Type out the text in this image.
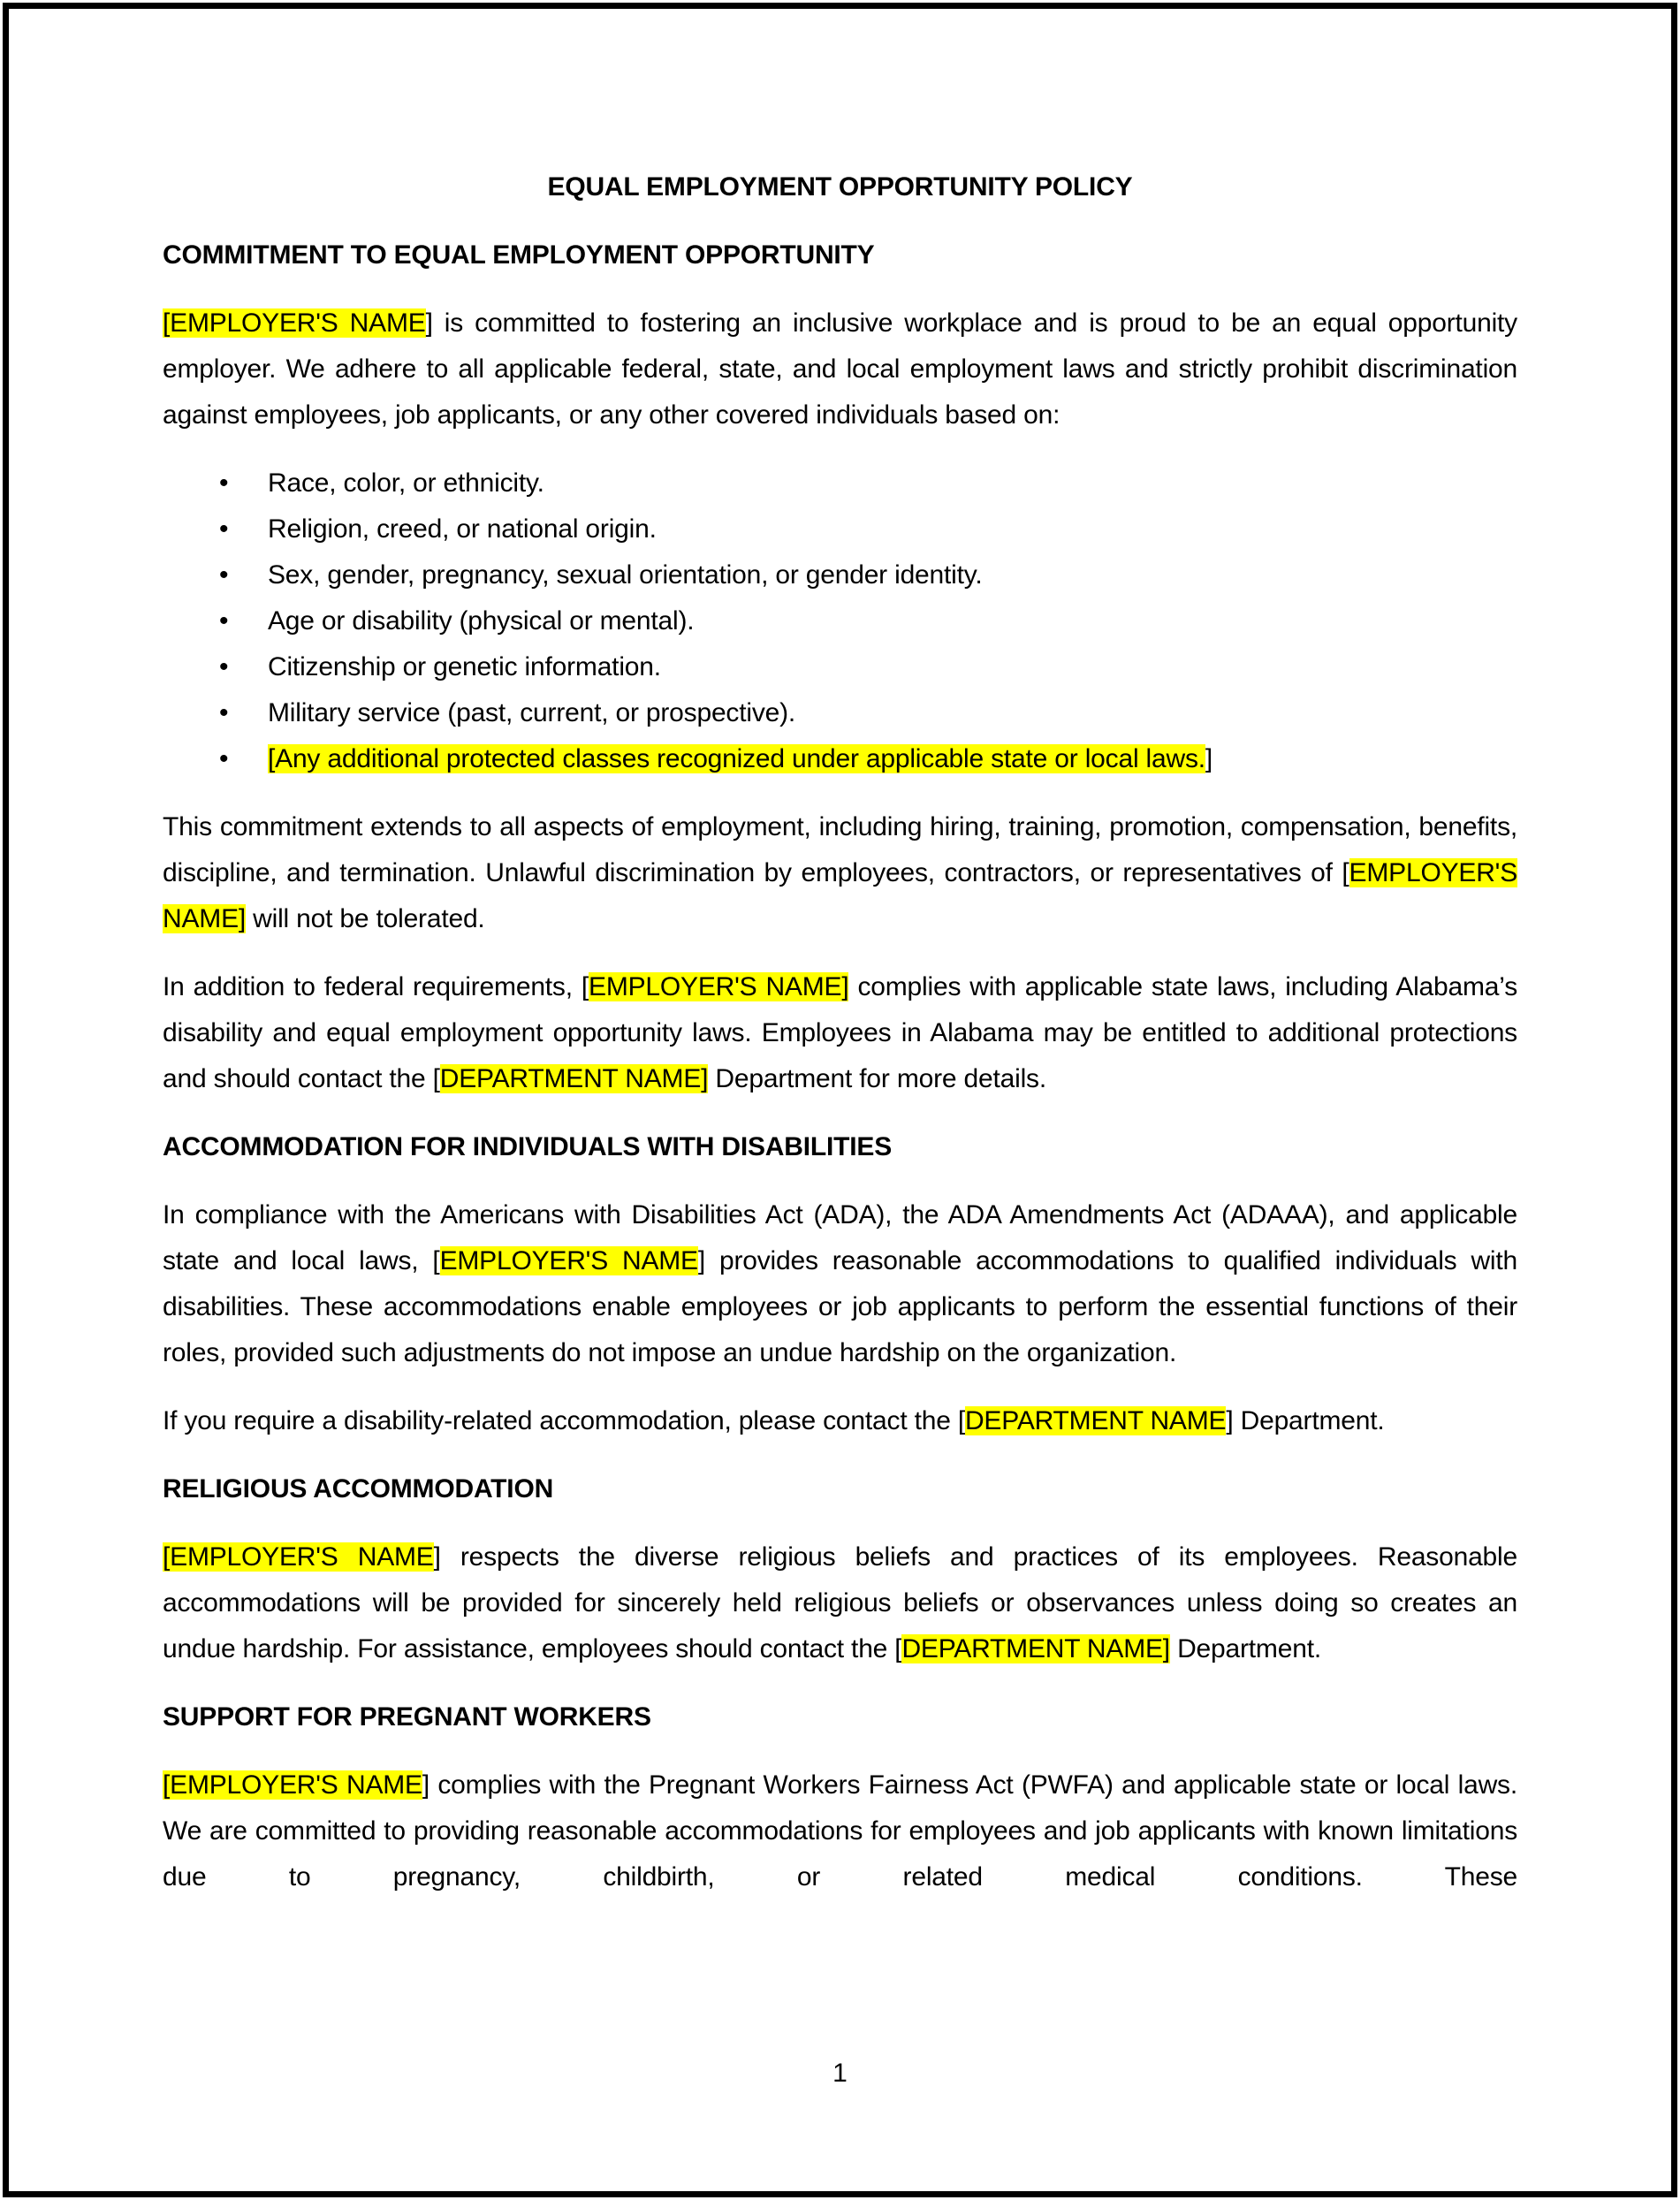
EQUAL EMPLOYMENT OPPORTUNITY POLICY

COMMITMENT TO EQUAL EMPLOYMENT OPPORTUNITY

[EMPLOYER'S NAME] is committed to fostering an inclusive workplace and is proud to be an equal opportunity employer. We adhere to all applicable federal, state, and local employment laws and strictly prohibit discrimination against employees, job applicants, or any other covered individuals based on:

• Race, color, or ethnicity.
• Religion, creed, or national origin.
• Sex, gender, pregnancy, sexual orientation, or gender identity.
• Age or disability (physical or mental).
• Citizenship or genetic information.
• Military service (past, current, or prospective).
• [Any additional protected classes recognized under applicable state or local laws.]

This commitment extends to all aspects of employment, including hiring, training, promotion, compensation, benefits, discipline, and termination. Unlawful discrimination by employees, contractors, or representatives of [EMPLOYER'S NAME] will not be tolerated.

In addition to federal requirements, [EMPLOYER'S NAME] complies with applicable state laws, including Alabama’s disability and equal employment opportunity laws. Employees in Alabama may be entitled to additional protections and should contact the [DEPARTMENT NAME] Department for more details.

ACCOMMODATION FOR INDIVIDUALS WITH DISABILITIES

In compliance with the Americans with Disabilities Act (ADA), the ADA Amendments Act (ADAAA), and applicable state and local laws, [EMPLOYER'S NAME] provides reasonable accommodations to qualified individuals with disabilities. These accommodations enable employees or job applicants to perform the essential functions of their roles, provided such adjustments do not impose an undue hardship on the organization.

If you require a disability-related accommodation, please contact the [DEPARTMENT NAME] Department.

RELIGIOUS ACCOMMODATION

[EMPLOYER'S NAME] respects the diverse religious beliefs and practices of its employees. Reasonable accommodations will be provided for sincerely held religious beliefs or observances unless doing so creates an undue hardship. For assistance, employees should contact the [DEPARTMENT NAME] Department.

SUPPORT FOR PREGNANT WORKERS

[EMPLOYER'S NAME] complies with the Pregnant Workers Fairness Act (PWFA) and applicable state or local laws. We are committed to providing reasonable accommodations for employees and job applicants with known limitations due to pregnancy, childbirth, or related medical conditions. These

1
